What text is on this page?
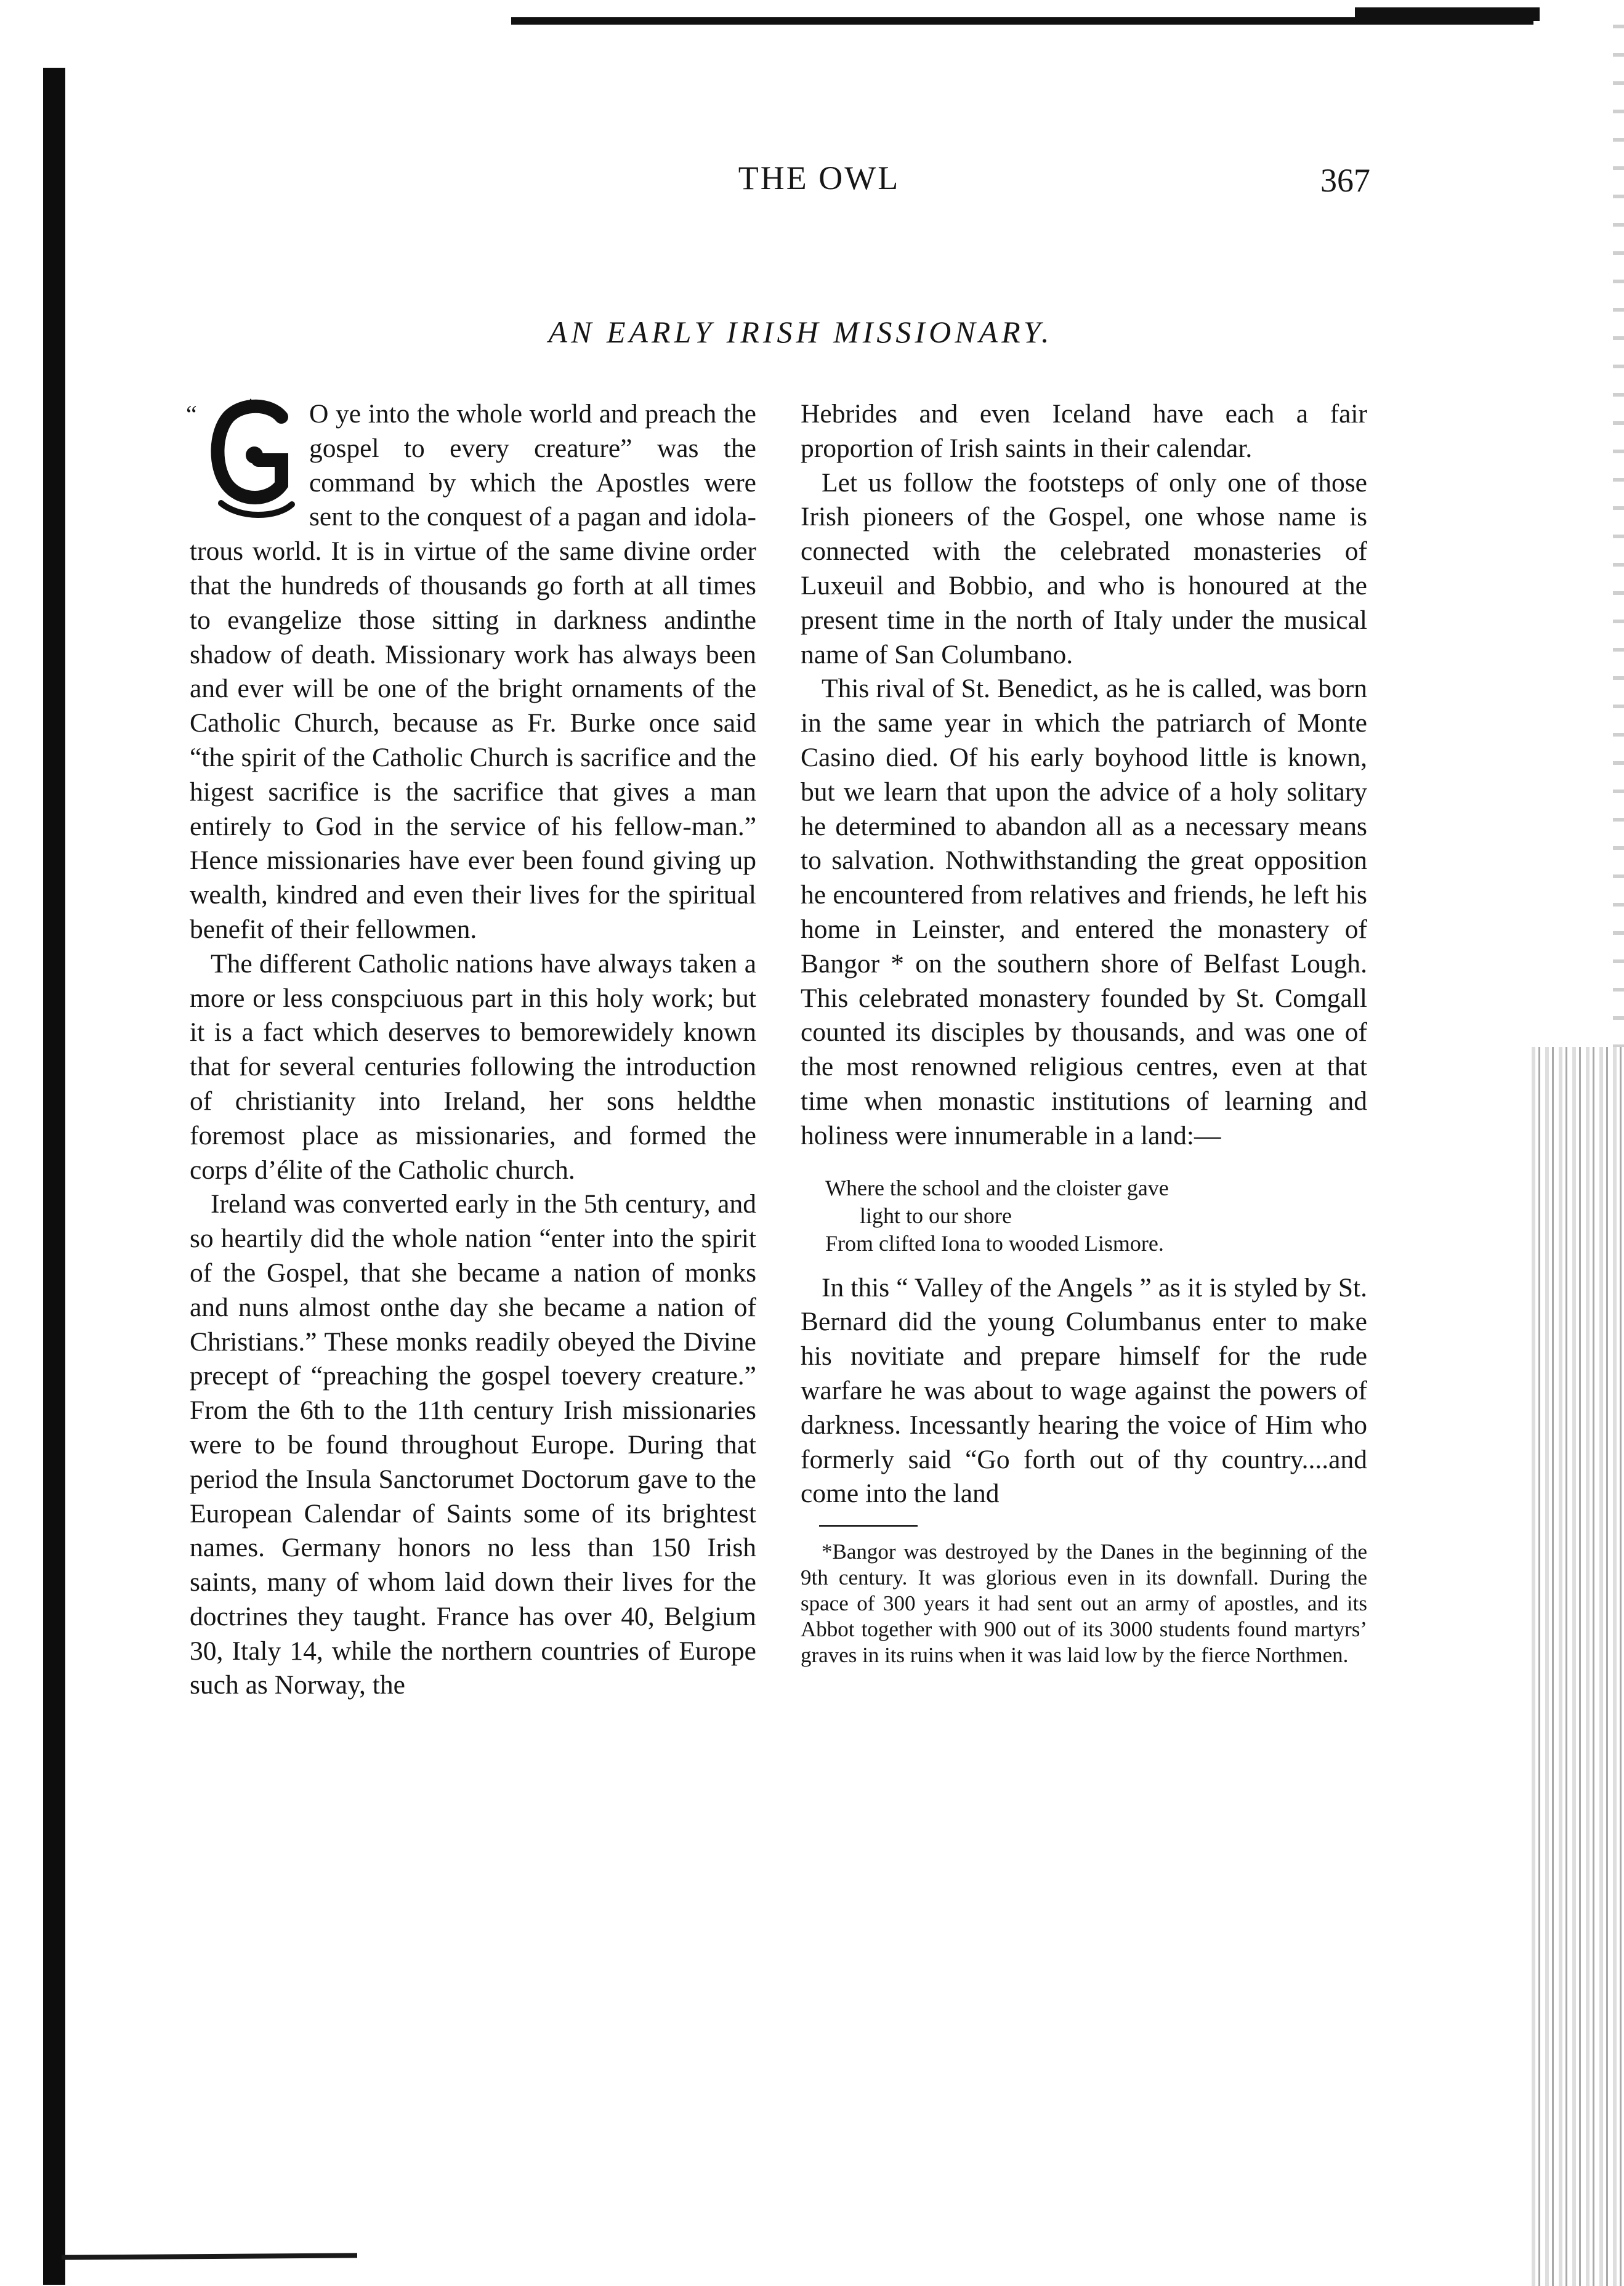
THE OWL	367
AN EARLY IRISH MISSIONARY.
“	O ye into the whole world and preach the gospel to every creature” was the command by which the Apostles were sent to the conquest of a pagan and idolatrous world. It is in virtue of the same divine order that the hundreds of thousands go forth at all times to evangelize those sitting in darkness andinthe shadow of death. Missionary work has always been and ever will be one of the bright ornaments of the Catholic Church, because as Fr. Burke once said “the spirit of the Catholic Church is sacrifice and the higest sacrifice is the sacrifice that gives a man entirely to God in the service of his fellow-man.” Hence missionaries have ever been found giving up wealth, kindred and even their lives for the spiritual benefit of their fellowmen.

The different Catholic nations have always taken a more or less conspciuous part in this holy work; but it is a fact which deserves to bemorewidely known that for several centuries following the introduction of christianity into Ireland, her sons heldthe foremost place as missionaries, and formed the corps d’élite of the Catholic church.

Ireland was converted early in the 5th century, and so heartily did the whole nation “enter into the spirit of the Gospel, that she became a nation of monks and nuns almost onthe day she became a nation of Christians.” These monks readily obeyed the Divine precept of “preaching the gospel toevery creature.” From the 6th to the 11th century Irish missionaries were to be found throughout Europe. During that period the Insula Sanctorumet Doctorum gave to the European Calendar of Saints some of its brightest names. Germany honors no less than 150 Irish saints, many of whom laid down their lives for the doctrines they taught. France has over 40, Belgium 30, Italy 14, while the northern countries of Europe such as Norway, the

Hebrides and even Iceland have each a fair proportion of Irish saints in their calendar.

Let us follow the footsteps of only one of those Irish pioneers of the Gospel, one whose name is connected with the celebrated monasteries of Luxeuil and Bobbio, and who is honoured at the present time in the north of Italy under the musical name of San Columbano.

This rival of St. Benedict, as he is called, was born in the same year in which the patriarch of Monte Casino died. Of his early boyhood little is known, but we learn that upon the advice of a holy solitary he determined to abandon all as a necessary means to salvation. Nothwithstanding the great opposition he encountered from relatives and friends, he left his home in Leinster, and entered the monastery of Bangor * on the southern shore of Belfast Lough. This celebrated monastery founded by St. Comgall counted its disciples by thousands, and was one of the most renowned religious centres, even at that time when monastic institutions of learning and holiness were innumerable in a land:—

Where the school and the cloister gave
light to our shore
From clifted Iona to wooded Lismore.

In this “ Valley of the Angels ” as it is styled by St. Bernard did the young Columbanus enter to make his novitiate and prepare himself for the rude warfare he was about to wage against the powers of darkness. Incessantly hearing the voice of Him who formerly said “Go forth out of thy country....and come into the land

*Bangor was destroyed by the Danes in the beginning of the 9th century. It was glorious even in its downfall. During the space of 300 years it had sent out an army of apostles, and its Abbot together with 900 out of its 3000 students found martyrs’ graves in its ruins when it was laid low by the fierce Northmen.
